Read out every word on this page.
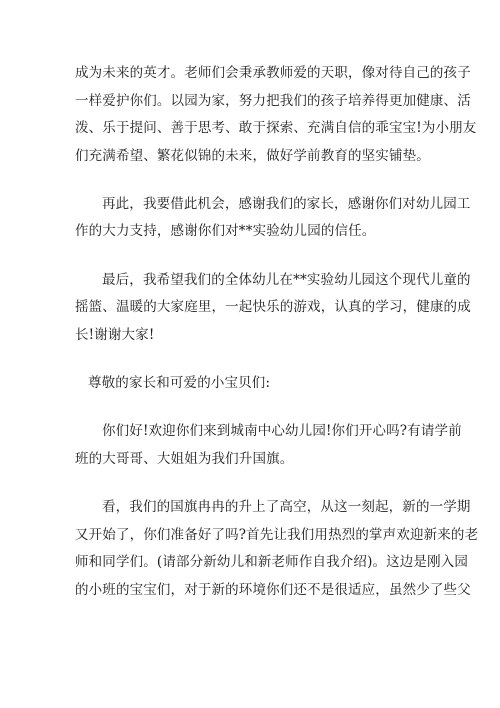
成为未来的英才。老师们会秉承教师爱的天职，像对待自己的孩子
一样爱护你们。以园为家，努力把我们的孩子培养得更加健康、活
泼、乐于提问、善于思考、敢于探索、充满自信的乖宝宝!为小朋友
们充满希望、繁花似锦的未来，做好学前教育的坚实铺垫。
再此，我要借此机会，感谢我们的家长，感谢你们对幼儿园工
作的大力支持，感谢你们对**实验幼儿园的信任。
最后，我希望我们的全体幼儿在**实验幼儿园这个现代儿童的
摇篮、温暖的大家庭里，一起快乐的游戏，认真的学习，健康的成
长!谢谢大家!
尊敬的家长和可爱的小宝贝们:
你们好!欢迎你们来到城南中心幼儿园!你们开心吗?有请学前
班的大哥哥、大姐姐为我们升国旗。
看，我们的国旗冉冉的升上了高空，从这一刻起，新的一学期
又开始了，你们准备好了吗?首先让我们用热烈的掌声欢迎新来的老
师和同学们。(请部分新幼儿和新老师作自我介绍)。这边是刚入园
的小班的宝宝们，对于新的环境你们还不是很适应，虽然少了些父
